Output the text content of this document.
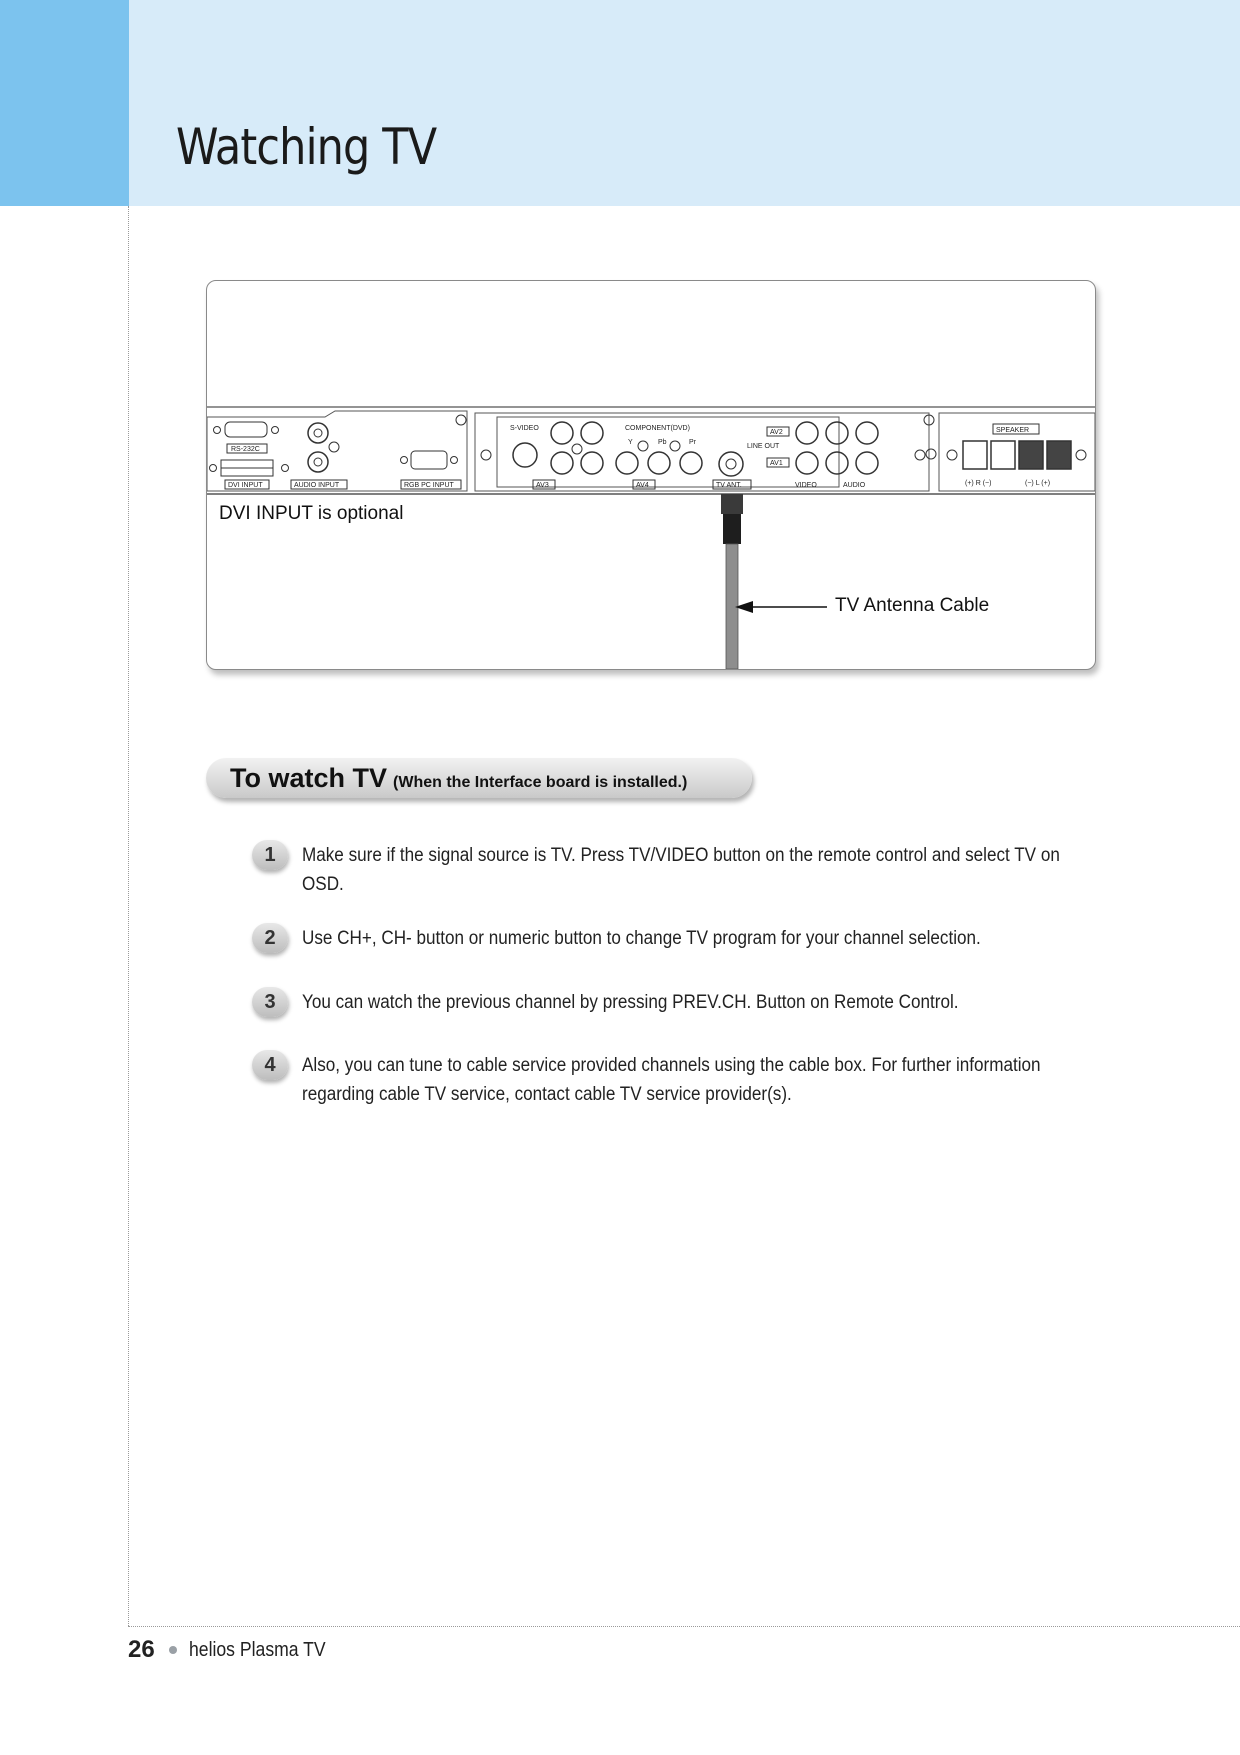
Watching TV
RS-232C
DVI INPUT	AUDIO INPUT	RGB PC INPUT
S-VIDEO	COMPONENT(DVD)
Y	Pb	Pr
AV3	AV4	TV ANT.
LINE OUT
AV2
AV1
VIDEO	AUDIO
SPEAKER
(+) R (−)	(−) L (+)
DVI INPUT is optional
TV Antenna Cable
To watch TV (When the Interface board is installed.)
1	Make sure if the signal source is TV. Press TV/VIDEO button on the remote control and select TV on OSD.
2	Use CH+, CH- button or numeric button to change TV program for your channel selection.
3	You can watch the previous channel by pressing PREV.CH. Button on Remote Control.
4	Also, you can tune to cable service provided channels using the cable box. For further information regarding cable TV service, contact cable TV service provider(s).
26 helios Plasma TV
